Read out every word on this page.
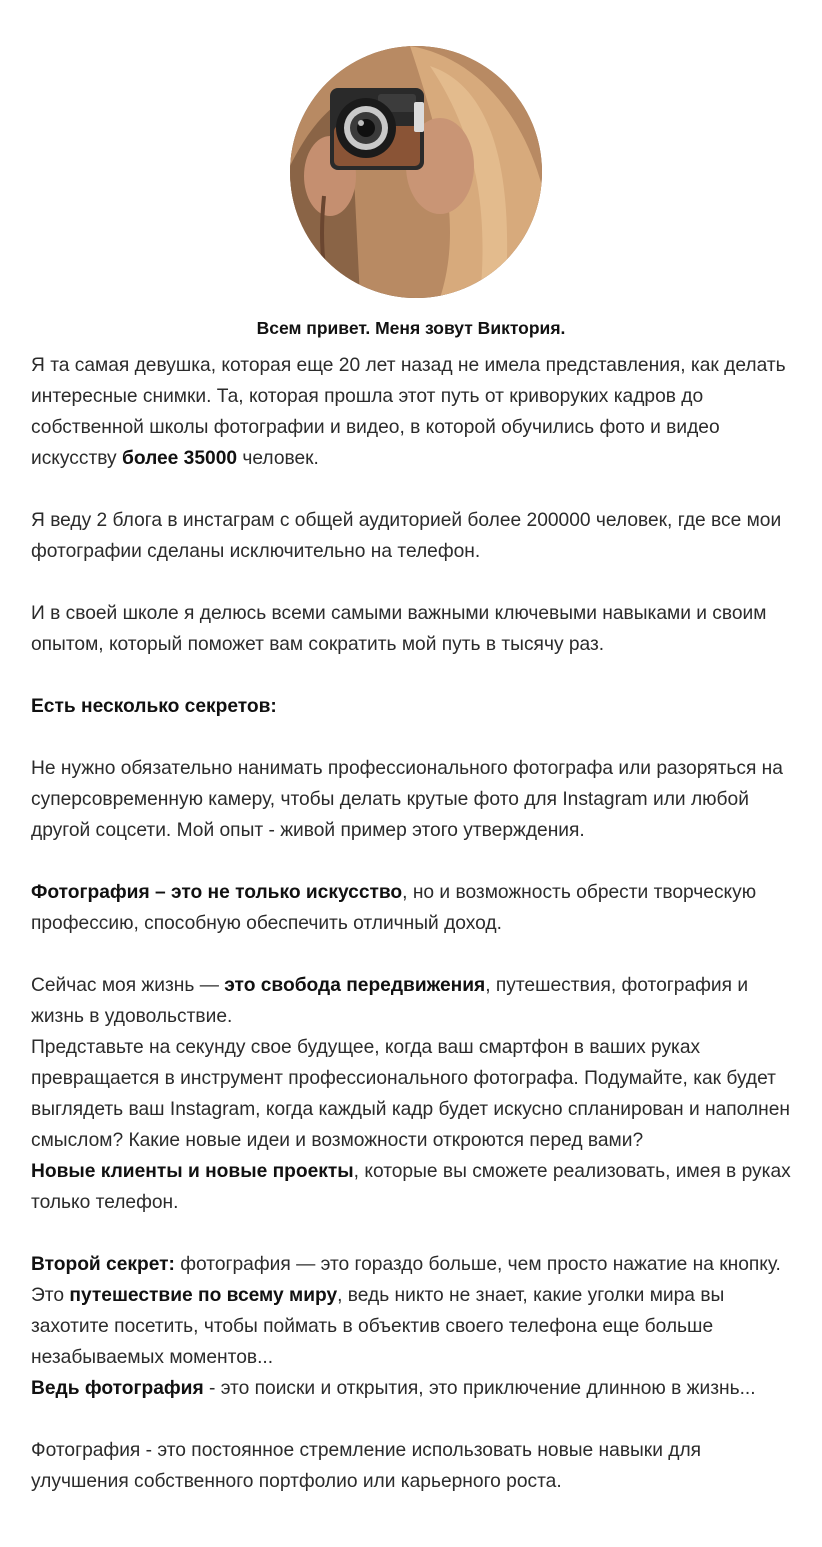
Всем привет. Меня зовут Виктория.

Я та самая девушка, которая еще 20 лет назад не имела представления, как делать интересные снимки. Та, которая прошла этот путь от криворуких кадров до собственной школы фотографии и видео, в которой обучились фото и видео искусству более 35000 человек.

Я веду 2 блога в инстаграм с общей аудиторией более 200000 человек, где все мои фотографии сделаны исключительно на телефон.

И в своей школе я делюсь всеми самыми важными ключевыми навыками и своим опытом, который поможет вам сократить мой путь в тысячу раз.

Есть несколько секретов:

Не нужно обязательно нанимать профессионального фотографа или разоряться на суперсовременную камеру, чтобы делать крутые фото для Instagram или любой другой соцсети. Мой опыт - живой пример этого утверждения.

Фотография – это не только искусство, но и возможность обрести творческую профессию, способную обеспечить отличный доход.

Сейчас моя жизнь — это свобода передвижения, путешествия, фотография и жизнь в удовольствие.

Представьте на секунду свое будущее, когда ваш смартфон в ваших руках превращается в инструмент профессионального фотографа. Подумайте, как будет выглядеть ваш Instagram, когда каждый кадр будет искусно спланирован и наполнен смыслом? Какие новые идеи и возможности откроются перед вами?

Новые клиенты и новые проекты, которые вы сможете реализовать, имея в руках только телефон.

Второй секрет: фотография — это гораздо больше, чем просто нажатие на кнопку. Это путешествие по всему миру, ведь никто не знает, какие уголки мира вы захотите посетить, чтобы поймать в объектив своего телефона еще больше незабываемых моментов...

Ведь фотография - это поиски и открытия, это приключение длинною в жизнь...

Фотография - это постоянное стремление использовать новые навыки для улучшения собственного портфолио или карьерного роста.
